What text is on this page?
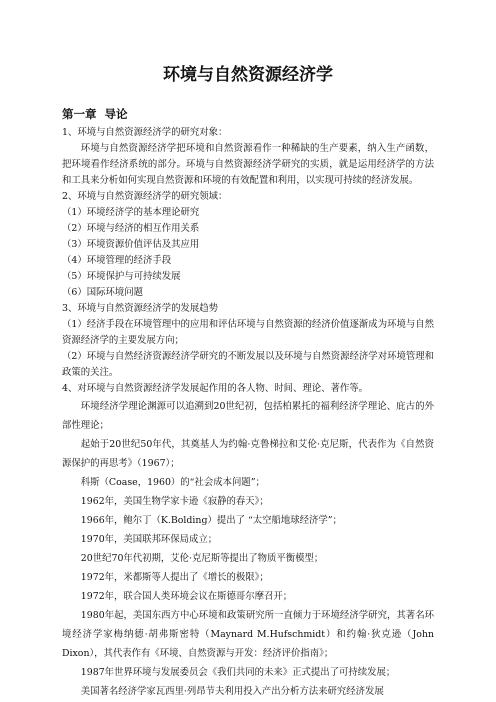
环境与自然资源经济学
第一章 导论
1、环境与自然资源经济学的研究对象：
环境与自然资源经济学把环境和自然资源看作一种稀缺的生产要素，纳入生产函数，把环境看作经济系统的部分。环境与自然资源经济学研究的实质，就是运用经济学的方法和工具来分析如何实现自然资源和环境的有效配置和利用，以实现可持续的经济发展。
2、环境与自然资源经济学的研究领域：
（1）环境经济学的基本理论研究
（2）环境与经济的相互作用关系
（3）环境资源价值评估及其应用
（4）环境管理的经济手段
（5）环境保护与可持续发展
（6）国际环境问题
3、环境与自然资源经济学的发展趋势
（1）经济手段在环境管理中的应用和评估环境与自然资源的经济价值逐渐成为环境与自然资源经济学的主要发展方向；
（2）环境与自然经济资源经济学研究的不断发展以及环境与自然资源经济学对环境管理和政策的关注。
4、对环境与自然资源经济学发展起作用的各人物、时间、理论、著作等。
环境经济学理论渊源可以追溯到20世纪初，包括柏累托的福利经济学理论、庇古的外部性理论；
起始于20世纪50年代，其奠基人为约翰·克鲁梯拉和艾伦·克尼斯，代表作为《自然资源保护的再思考》（1967）；
科斯（Coase，1960）的“社会成本问题”；
1962年，美国生物学家卡逊《寂静的春天》；
1966年，鲍尔丁（K.Bolding）提出了 “太空船地球经济学”；
1970年，美国联邦环保局成立；
20世纪70年代初期，艾伦·克尼斯等提出了物质平衡模型；
1972年，米都斯等人提出了《增长的极限》；
1972年，联合国人类环境会议在斯德哥尔摩召开；
1980年起，美国东西方中心环境和政策研究所一直倾力于环境经济学研究，其著名环境经济学家梅纳德·胡弗斯密特（Maynard M.Hufschmidt）和约翰·狄克逊（John Dixon），其代表作有《环境、自然资源与开发：经济评价指南》；
1987年世界环境与发展委员会《我们共同的未来》正式提出了可持续发展；
美国著名经济学家瓦西里·列昂节夫利用投入产出分析方法来研究经济发展
